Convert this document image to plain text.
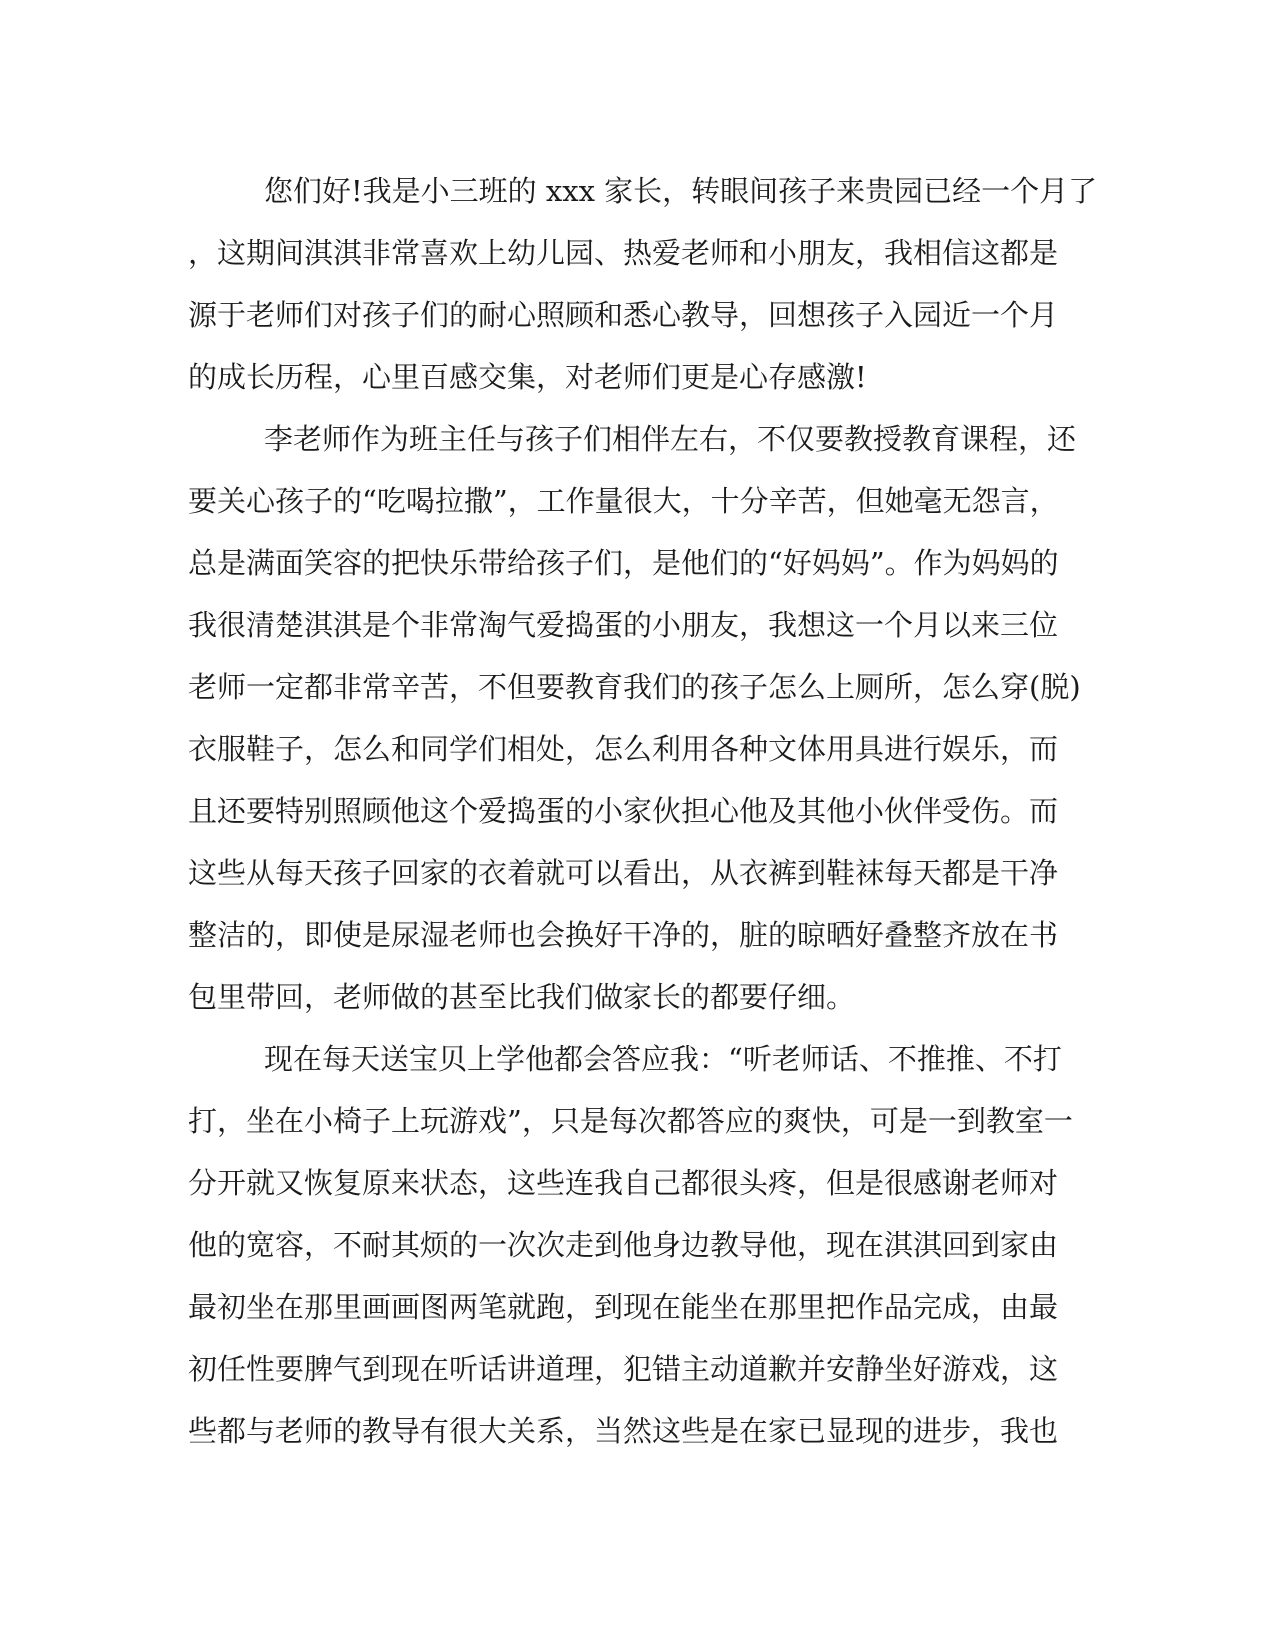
您们好!我是小三班的 xxx 家长，转眼间孩子来贵园已经一个月了
，这期间淇淇非常喜欢上幼儿园、热爱老师和小朋友，我相信这都是
源于老师们对孩子们的耐心照顾和悉心教导，回想孩子入园近一个月
的成长历程，心里百感交集，对老师们更是心存感激!
李老师作为班主任与孩子们相伴左右，不仅要教授教育课程，还
要关心孩子的“吃喝拉撒”，工作量很大，十分辛苦，但她毫无怨言，
总是满面笑容的把快乐带给孩子们，是他们的“好妈妈”。作为妈妈的
我很清楚淇淇是个非常淘气爱捣蛋的小朋友，我想这一个月以来三位
老师一定都非常辛苦，不但要教育我们的孩子怎么上厕所，怎么穿(脱)
衣服鞋子，怎么和同学们相处，怎么利用各种文体用具进行娱乐，而
且还要特别照顾他这个爱捣蛋的小家伙担心他及其他小伙伴受伤。而
这些从每天孩子回家的衣着就可以看出，从衣裤到鞋袜每天都是干净
整洁的，即使是尿湿老师也会换好干净的，脏的晾晒好叠整齐放在书
包里带回，老师做的甚至比我们做家长的都要仔细。
现在每天送宝贝上学他都会答应我：“听老师话、不推推、不打
打，坐在小椅子上玩游戏”，只是每次都答应的爽快，可是一到教室一
分开就又恢复原来状态，这些连我自己都很头疼，但是很感谢老师对
他的宽容，不耐其烦的一次次走到他身边教导他，现在淇淇回到家由
最初坐在那里画画图两笔就跑，到现在能坐在那里把作品完成，由最
初任性要脾气到现在听话讲道理，犯错主动道歉并安静坐好游戏，这
些都与老师的教导有很大关系，当然这些是在家已显现的进步，我也
